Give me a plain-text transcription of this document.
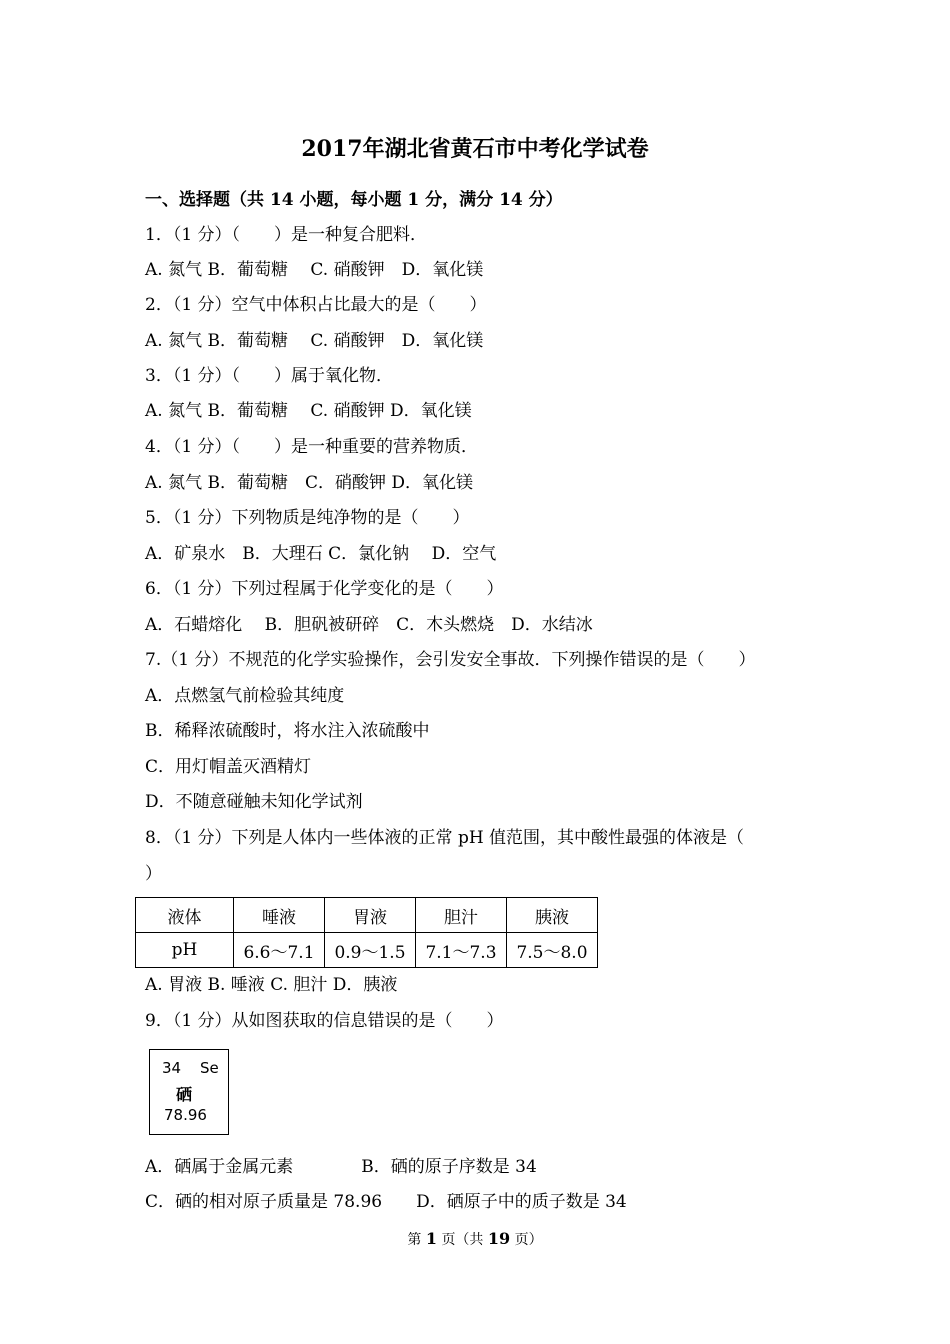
2017年湖北省黄石市中考化学试卷
一、选择题（共 14 小题，每小题 1 分，满分 14 分）
1．（1 分）（　　）是一种复合肥料．
A. 氮气 B．葡萄糖　 C. 硝酸钾　D．氧化镁
2．（1 分）空气中体积占比最大的是（　　）
A. 氮气 B．葡萄糖　 C. 硝酸钾　D．氧化镁
3．（1 分）（　　）属于氧化物．
A. 氮气 B．葡萄糖　 C. 硝酸钾 D．氧化镁
4．（1 分）（　　）是一种重要的营养物质．
A. 氮气 B．葡萄糖　C．硝酸钾 D．氧化镁
5．（1 分）下列物质是纯净物的是（　　）
A．矿泉水　B．大理石 C．氯化钠　 D．空气
6．（1 分）下列过程属于化学变化的是（　　）
A．石蜡熔化　 B．胆矾被研碎　C．木头燃烧　D．水结冰
7.（1 分）不规范的化学实验操作，会引发安全事故．下列操作错误的是（　　）
A．点燃氢气前检验其纯度
B．稀释浓硫酸时，将水注入浓硫酸中
C．用灯帽盖灭酒精灯
D．不随意碰触未知化学试剂
8．（1 分）下列是人体内一些体液的正常 pH 值范围，其中酸性最强的体液是（
）
液体	唾液	胃液	胆汁	胰液
pH	6.6～7.1	0.9～1.5	7.1～7.3	7.5～8.0
A. 胃液 B. 唾液 C. 胆汁 D．胰液
9．（1 分）从如图获取的信息错误的是（　　）
34 Se
硒
78.96
A．硒属于金属元素　　　　B．硒的原子序数是 34
C．硒的相对原子质量是 78.96　　D．硒原子中的质子数是 34
第 1 页（共 19 页）
